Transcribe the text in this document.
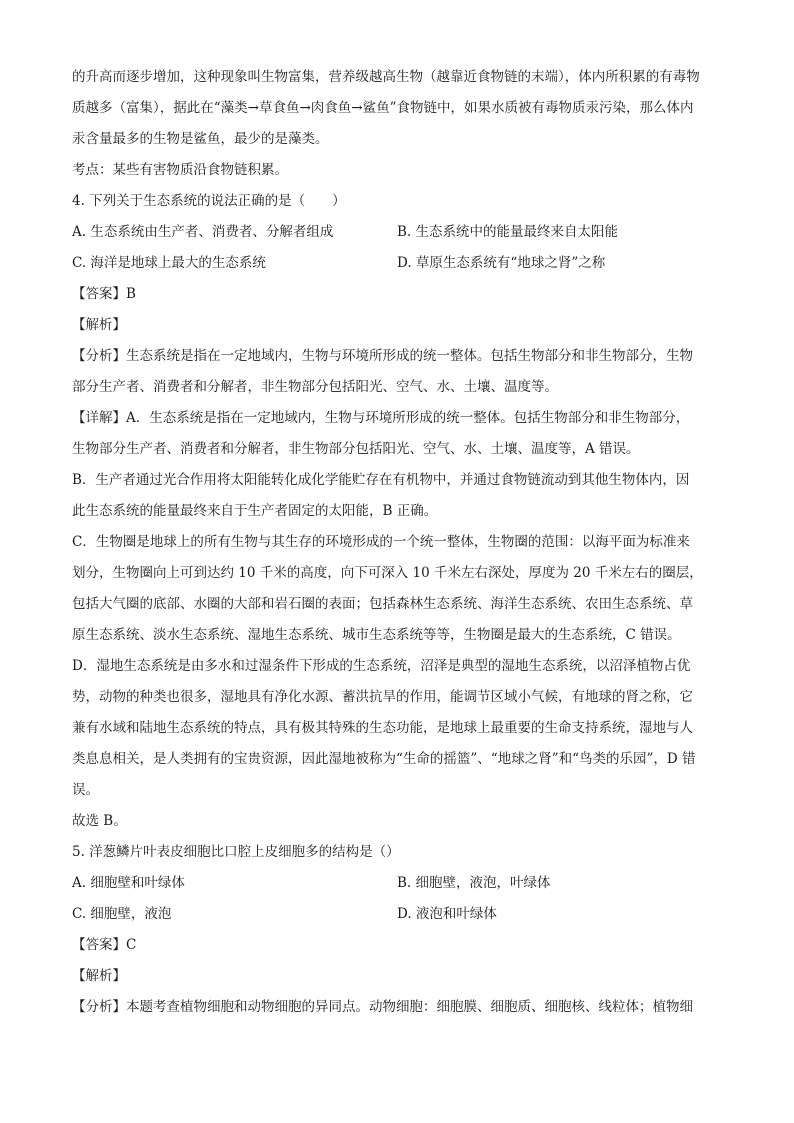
的升高而逐步增加，这种现象叫生物富集，营养级越高生物（越靠近食物链的末端），体内所积累的有毒物
质越多（富集），据此在“藻类→草食鱼→肉食鱼→鲨鱼”食物链中，如果水质被有毒物质汞污染，那么体内
汞含量最多的生物是鲨鱼，最少的是藻类。
考点：某些有害物质沿食物链积累。
4. 下列关于生态系统的说法正确的是（　　）
A. 生态系统由生产者、消费者、分解者组成	B. 生态系统中的能量最终来自太阳能
C. 海洋是地球上最大的生态系统	D. 草原生态系统有“地球之肾”之称
【答案】B
【解析】
【分析】生态系统是指在一定地域内，生物与环境所形成的统一整体。包括生物部分和非生物部分，生物
部分生产者、消费者和分解者，非生物部分包括阳光、空气、水、土壤、温度等。
【详解】A．生态系统是指在一定地域内，生物与环境所形成的统一整体。包括生物部分和非生物部分，
生物部分生产者、消费者和分解者，非生物部分包括阳光、空气、水、土壤、温度等，A 错误。
B．生产者通过光合作用将太阳能转化成化学能贮存在有机物中，并通过食物链流动到其他生物体内，因
此生态系统的能量最终来自于生产者固定的太阳能，B 正确。
C．生物圈是地球上的所有生物与其生存的环境形成的一个统一整体，生物圈的范围：以海平面为标准来
划分，生物圈向上可到达约 10 千米的高度，向下可深入 10 千米左右深处，厚度为 20 千米左右的圈层，
包括大气圈的底部、水圈的大部和岩石圈的表面；包括森林生态系统、海洋生态系统、农田生态系统、草
原生态系统、淡水生态系统、湿地生态系统、城市生态系统等等，生物圈是最大的生态系统，C 错误。
D．湿地生态系统是由多水和过湿条件下形成的生态系统，沼泽是典型的湿地生态系统，以沼泽植物占优
势，动物的种类也很多，湿地具有净化水源、蓄洪抗旱的作用，能调节区域小气候，有地球的肾之称，它
兼有水域和陆地生态系统的特点，具有极其特殊的生态功能，是地球上最重要的生命支持系统，湿地与人
类息息相关，是人类拥有的宝贵资源，因此湿地被称为“生命的摇篮”、“地球之肾”和“鸟类的乐园”，D 错
误。
故选 B。
5. 洋葱鳞片叶表皮细胞比口腔上皮细胞多的结构是（）
A. 细胞壁和叶绿体	B. 细胞壁，液泡，叶绿体
C. 细胞壁，液泡	D. 液泡和叶绿体
【答案】C
【解析】
【分析】本题考查植物细胞和动物细胞的异同点。动物细胞：细胞膜、细胞质、细胞核、线粒体；植物细
